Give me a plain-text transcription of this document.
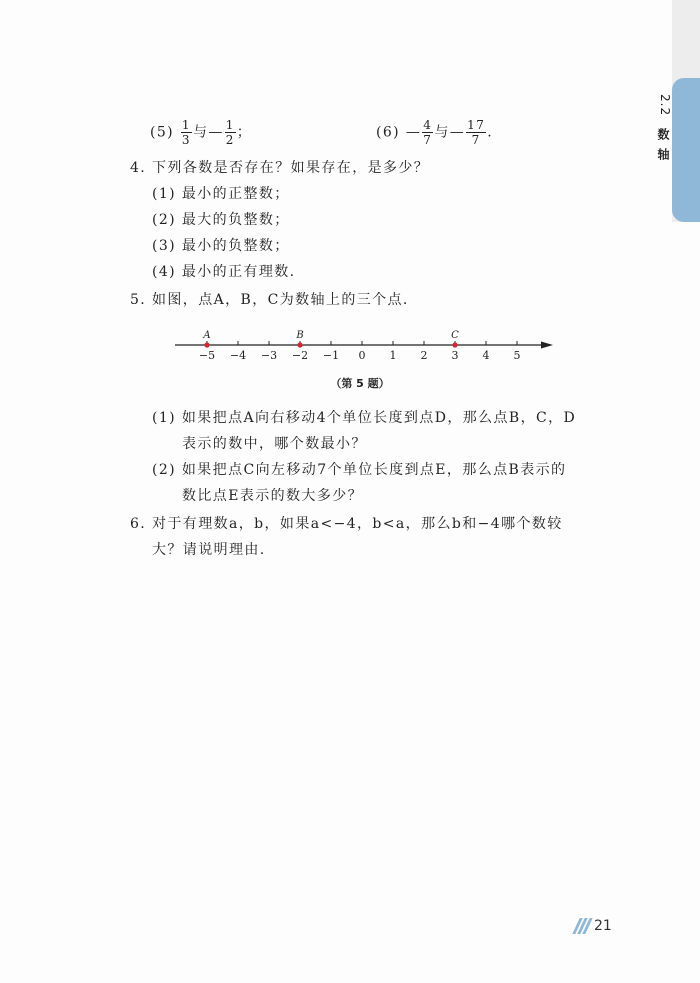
2.2
数轴
$(5) \frac{1}{3}$ 与— $\frac{1}{2}$ ；	(6) — $\frac{4}{7}$ 与— $\frac{17}{7}$ .
4. 下列各数是否存在？如果存在，是多少？
(1) 最小的正整数；
(2) 最大的负整数；
(3) 最小的负整数；
(4) 最小的正有理数.
5. 如图，点A，B，C为数轴上的三个点.
−5 −4 −3 −2 −1 0 1 2 3 4 5
A	B	C
（第 5 题）
(1) 如果把点A向右移动4个单位长度到点D，那么点B，C，D
表示的数中，哪个数最小？
(2) 如果把点C向左移动7个单位长度到点E，那么点B表示的
数比点E表示的数大多少？
6. 对于有理数a，b，如果a<−4，b<a，那么b和−4哪个数较
大？请说明理由.
21
